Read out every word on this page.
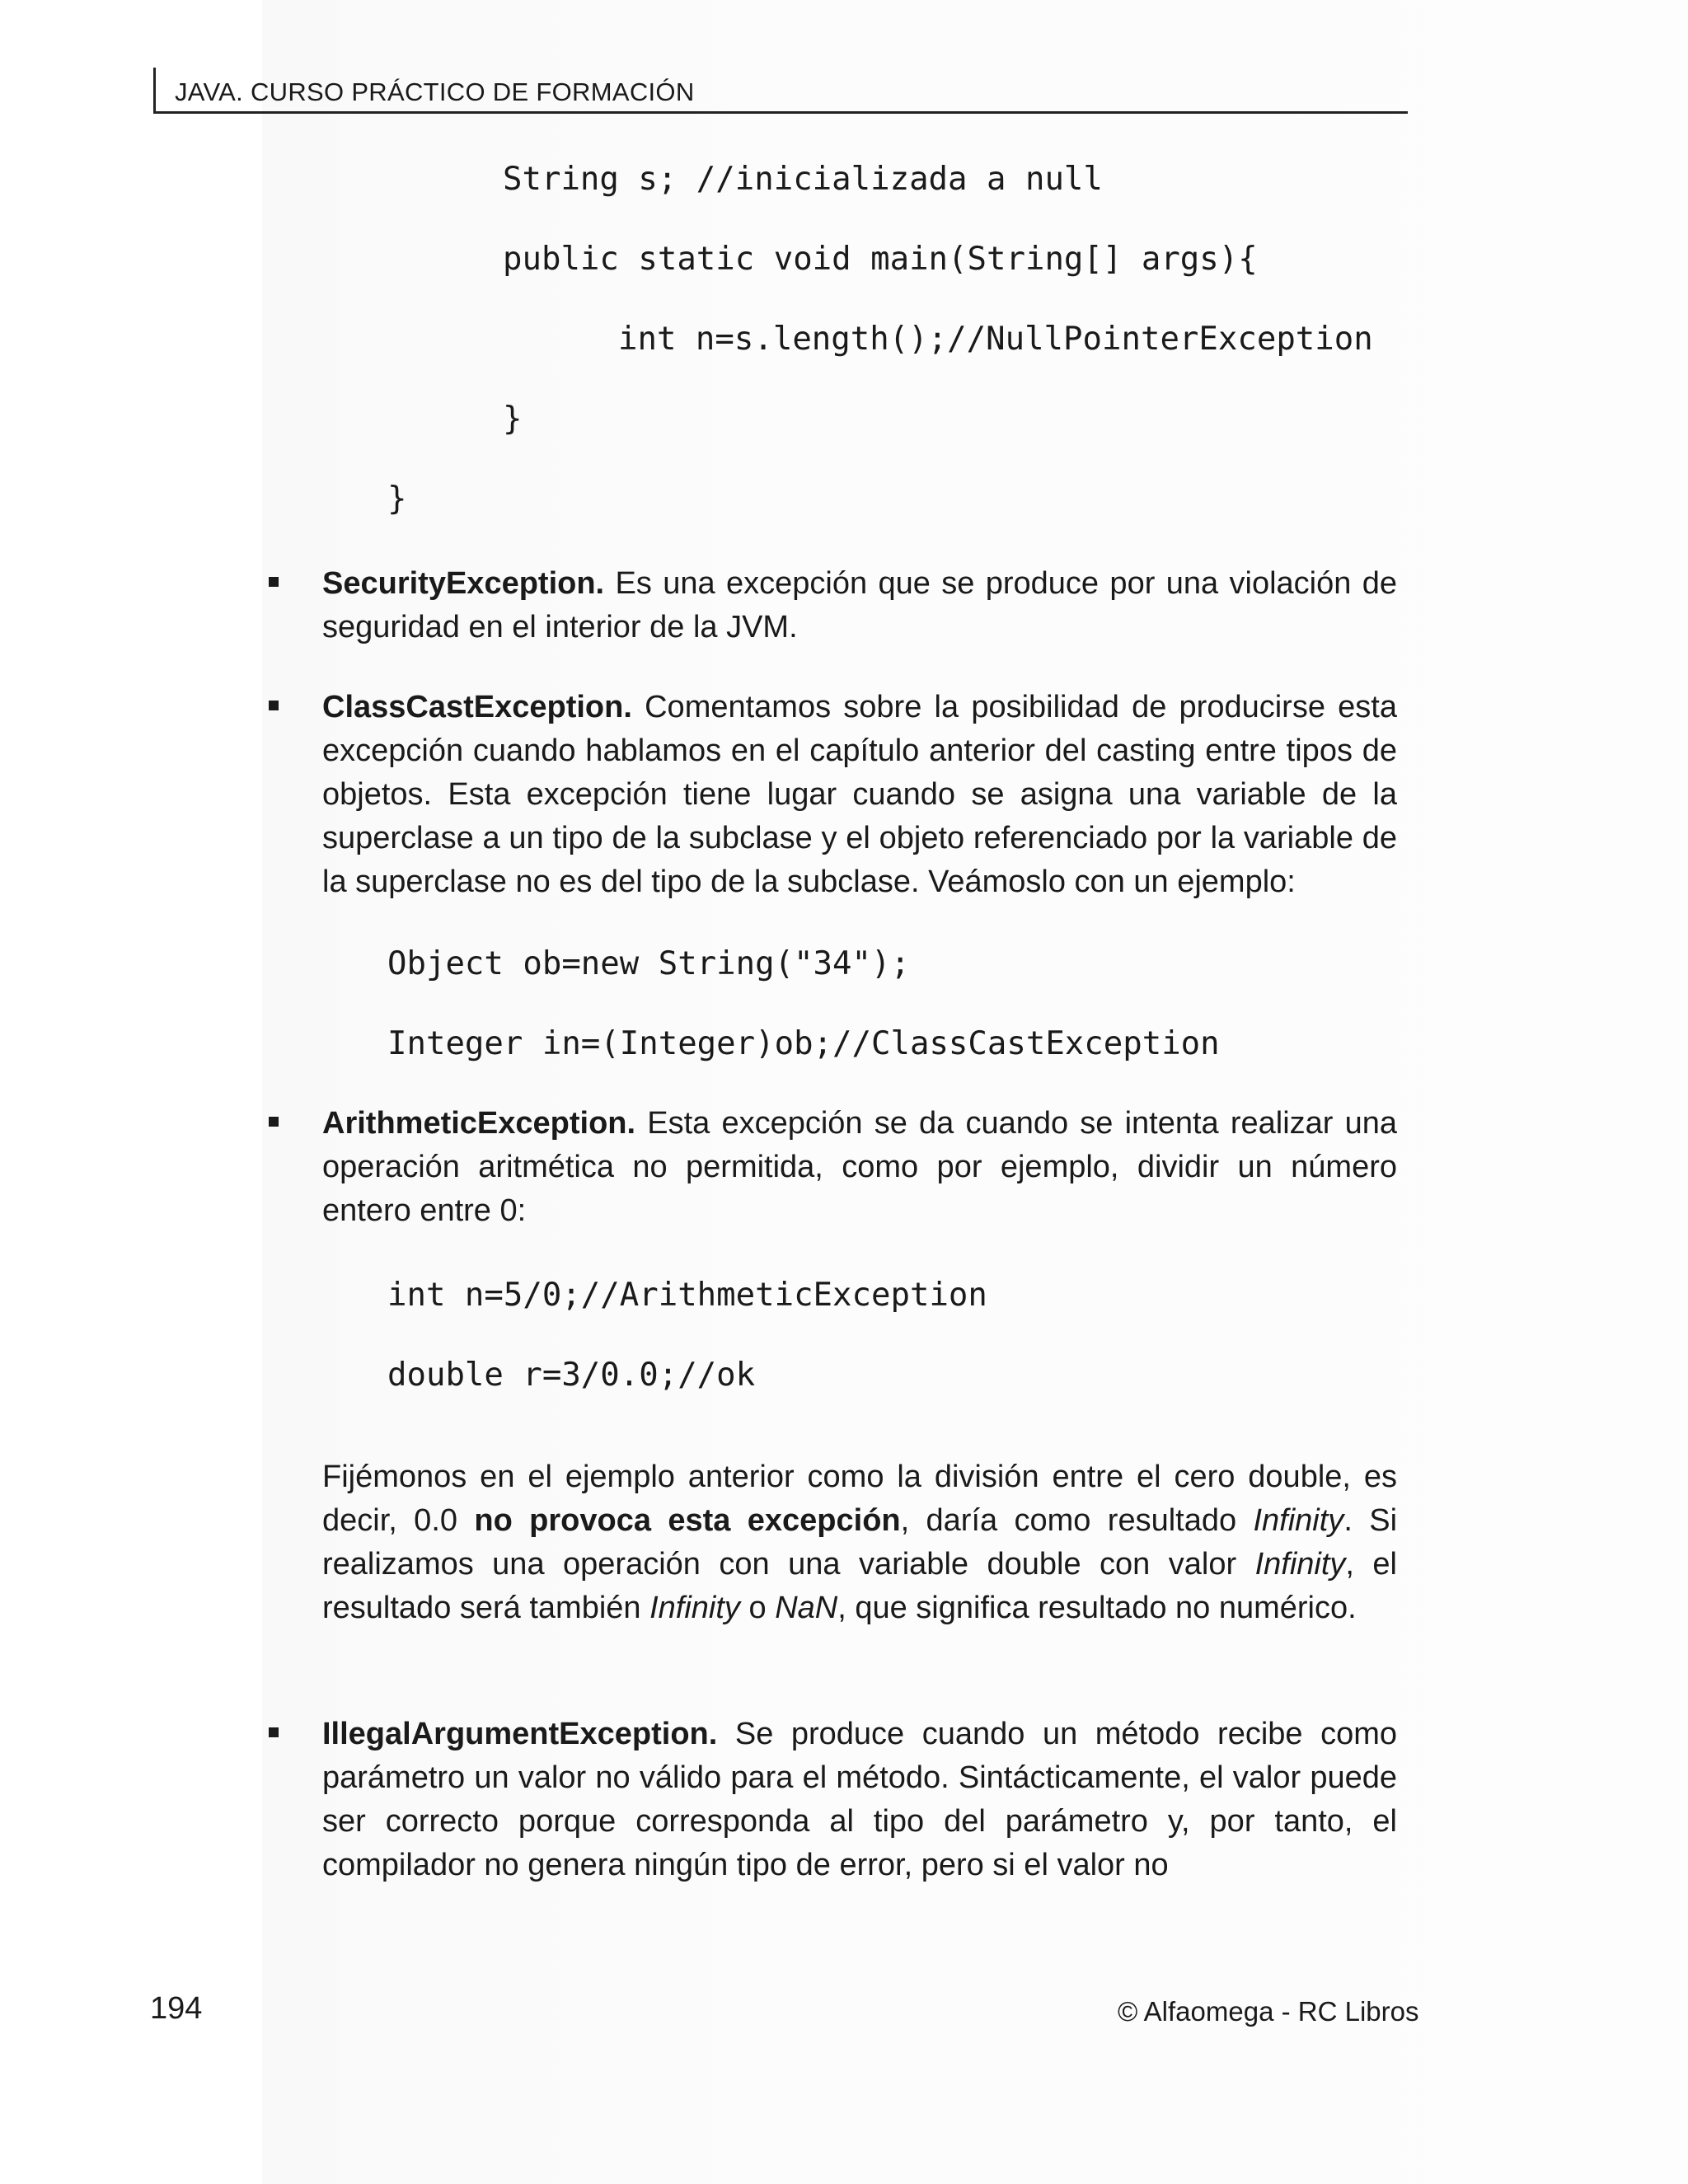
JAVA. CURSO PRÁCTICO DE FORMACIÓN
String s; //inicializada a null
public static void main(String[] args){
int n=s.length();//NullPointerException
}
}

SecurityException. Es una excepción que se produce por una violación de seguridad en el interior de la JVM.

ClassCastException. Comentamos sobre la posibilidad de producirse esta excepción cuando hablamos en el capítulo anterior del casting entre tipos de objetos. Esta excepción tiene lugar cuando se asigna una variable de la superclase a un tipo de la subclase y el objeto referenciado por la variable de la superclase no es del tipo de la subclase. Veámoslo con un ejemplo:

Object ob=new String("34");
Integer in=(Integer)ob;//ClassCastException

ArithmeticException. Esta excepción se da cuando se intenta realizar una operación aritmética no permitida, como por ejemplo, dividir un número entero entre 0:

int n=5/0;//ArithmeticException
double r=3/0.0;//ok

Fijémonos en el ejemplo anterior como la división entre el cero double, es decir, 0.0 no provoca esta excepción, daría como resultado Infinity. Si realizamos una operación con una variable double con valor Infinity, el resultado será también Infinity o NaN, que significa resultado no numérico.

IllegalArgumentException. Se produce cuando un método recibe como parámetro un valor no válido para el método. Sintácticamente, el valor puede ser correcto porque corresponda al tipo del parámetro y, por tanto, el compilador no genera ningún tipo de error, pero si el valor no

194	© Alfaomega - RC Libros
